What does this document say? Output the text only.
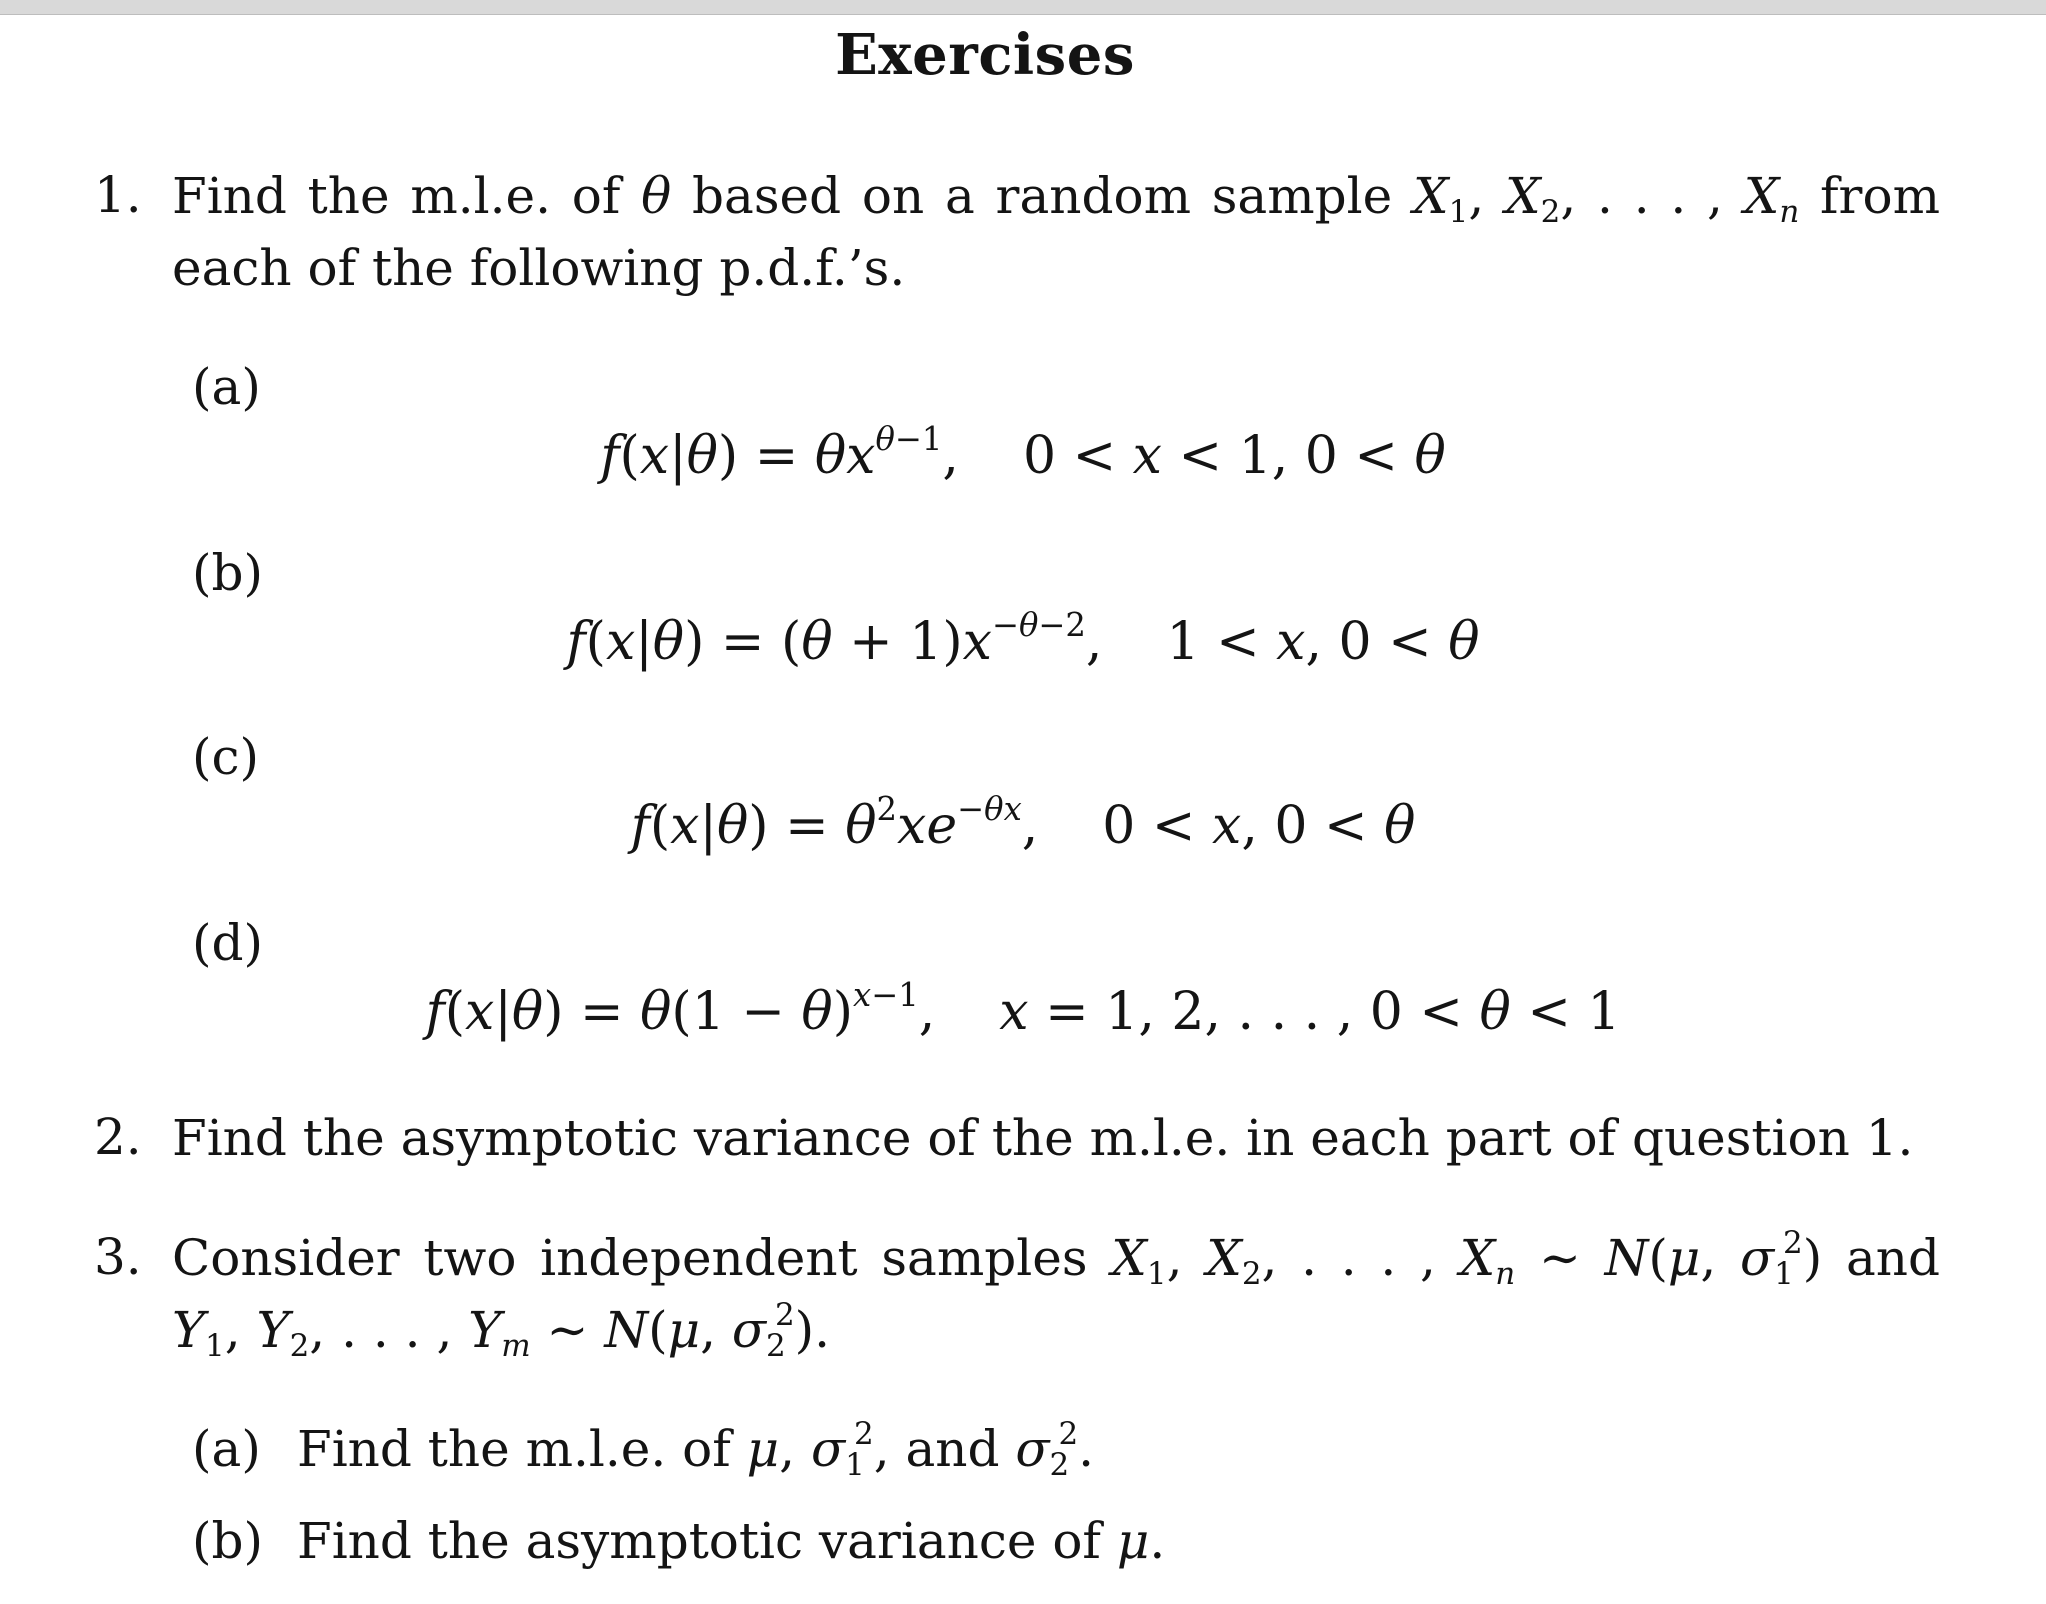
Exercises
1. Find the m.l.e. of θ based on a random sample $X_1$, $X_2$, . . . , $X_n$ from
each of the following p.d.f.’s.
(a)
$f(x|\theta) = \theta x^{\theta-1}$, 0 < x < 1, 0 < θ
(b)
$f(x|\theta) = (\theta + 1)x^{-\theta-2}$, 1 < x, 0 < θ
(c)
$f(x|\theta) = \theta^2xe^{-\theta x}$, 0 < x, 0 < θ
(d)
$f(x|\theta) = \theta(1 - \theta)^{x-1}$, x = 1, 2, . . . , 0 < θ < 1
2. Find the asymptotic variance of the m.l.e. in each part of question 1.
3. Consider two independent samples $X_1$, $X_2$, . . . , $X_n$ ∼ N(μ, $\sigma_1^2$) and
$Y_1$, $Y_2$, . . . , $Y_m$ ∼ N(μ, $\sigma_2^2$).
(a) Find the m.l.e. of μ, $\sigma_1^2$, and $\sigma_2^2$.
(b) Find the asymptotic variance of μ.
